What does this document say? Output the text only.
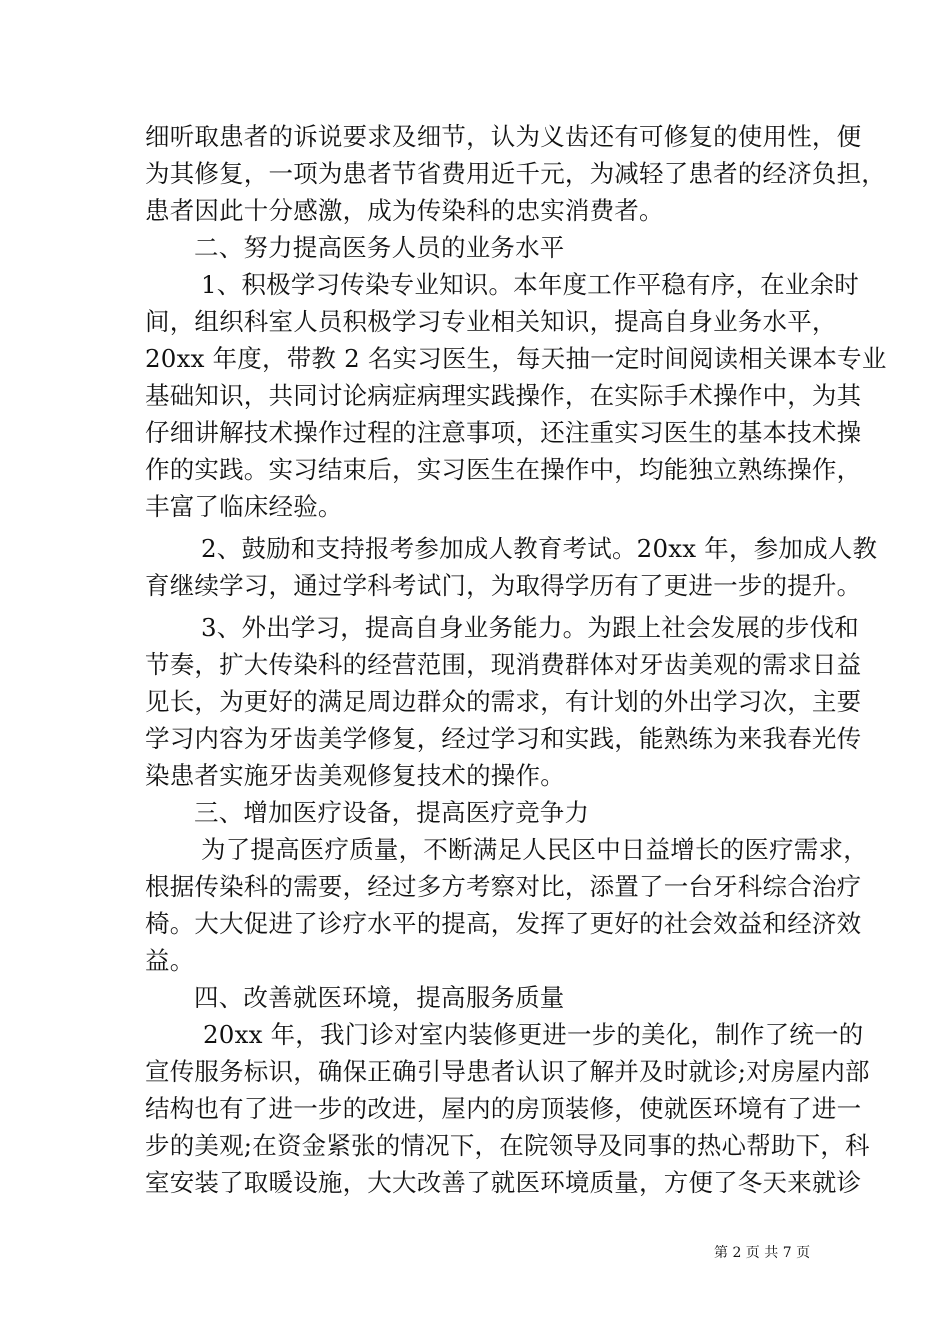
细听取患者的诉说要求及细节，认为义齿还有可修复的使用性，便
为其修复，一项为患者节省费用近千元，为减轻了患者的经济负担，
患者因此十分感激，成为传染科的忠实消费者。
二、努力提高医务人员的业务水平
1、积极学习传染专业知识。本年度工作平稳有序，在业余时
间，组织科室人员积极学习专业相关知识，提高自身业务水平，
20xx 年度，带教 2 名实习医生，每天抽一定时间阅读相关课本专业
基础知识，共同讨论病症病理实践操作，在实际手术操作中，为其
仔细讲解技术操作过程的注意事项，还注重实习医生的基本技术操
作的实践。实习结束后，实习医生在操作中，均能独立熟练操作，
丰富了临床经验。
2、鼓励和支持报考参加成人教育考试。20xx 年，参加成人教
育继续学习，通过学科考试门，为取得学历有了更进一步的提升。
3、外出学习，提高自身业务能力。为跟上社会发展的步伐和
节奏，扩大传染科的经营范围，现消费群体对牙齿美观的需求日益
见长，为更好的满足周边群众的需求，有计划的外出学习次，主要
学习内容为牙齿美学修复，经过学习和实践，能熟练为来我春光传
染患者实施牙齿美观修复技术的操作。
三、增加医疗设备，提高医疗竞争力
为了提高医疗质量，不断满足人民区中日益增长的医疗需求，
根据传染科的需要，经过多方考察对比，添置了一台牙科综合治疗
椅。大大促进了诊疗水平的提高，发挥了更好的社会效益和经济效
益。
四、改善就医环境，提高服务质量
20xx 年，我门诊对室内装修更进一步的美化，制作了统一的
宣传服务标识，确保正确引导患者认识了解并及时就诊;对房屋内部
结构也有了进一步的改进，屋内的房顶装修，使就医环境有了进一
步的美观;在资金紧张的情况下，在院领导及同事的热心帮助下，科
室安装了取暖设施，大大改善了就医环境质量，方便了冬天来就诊
第 2 页 共 7 页
